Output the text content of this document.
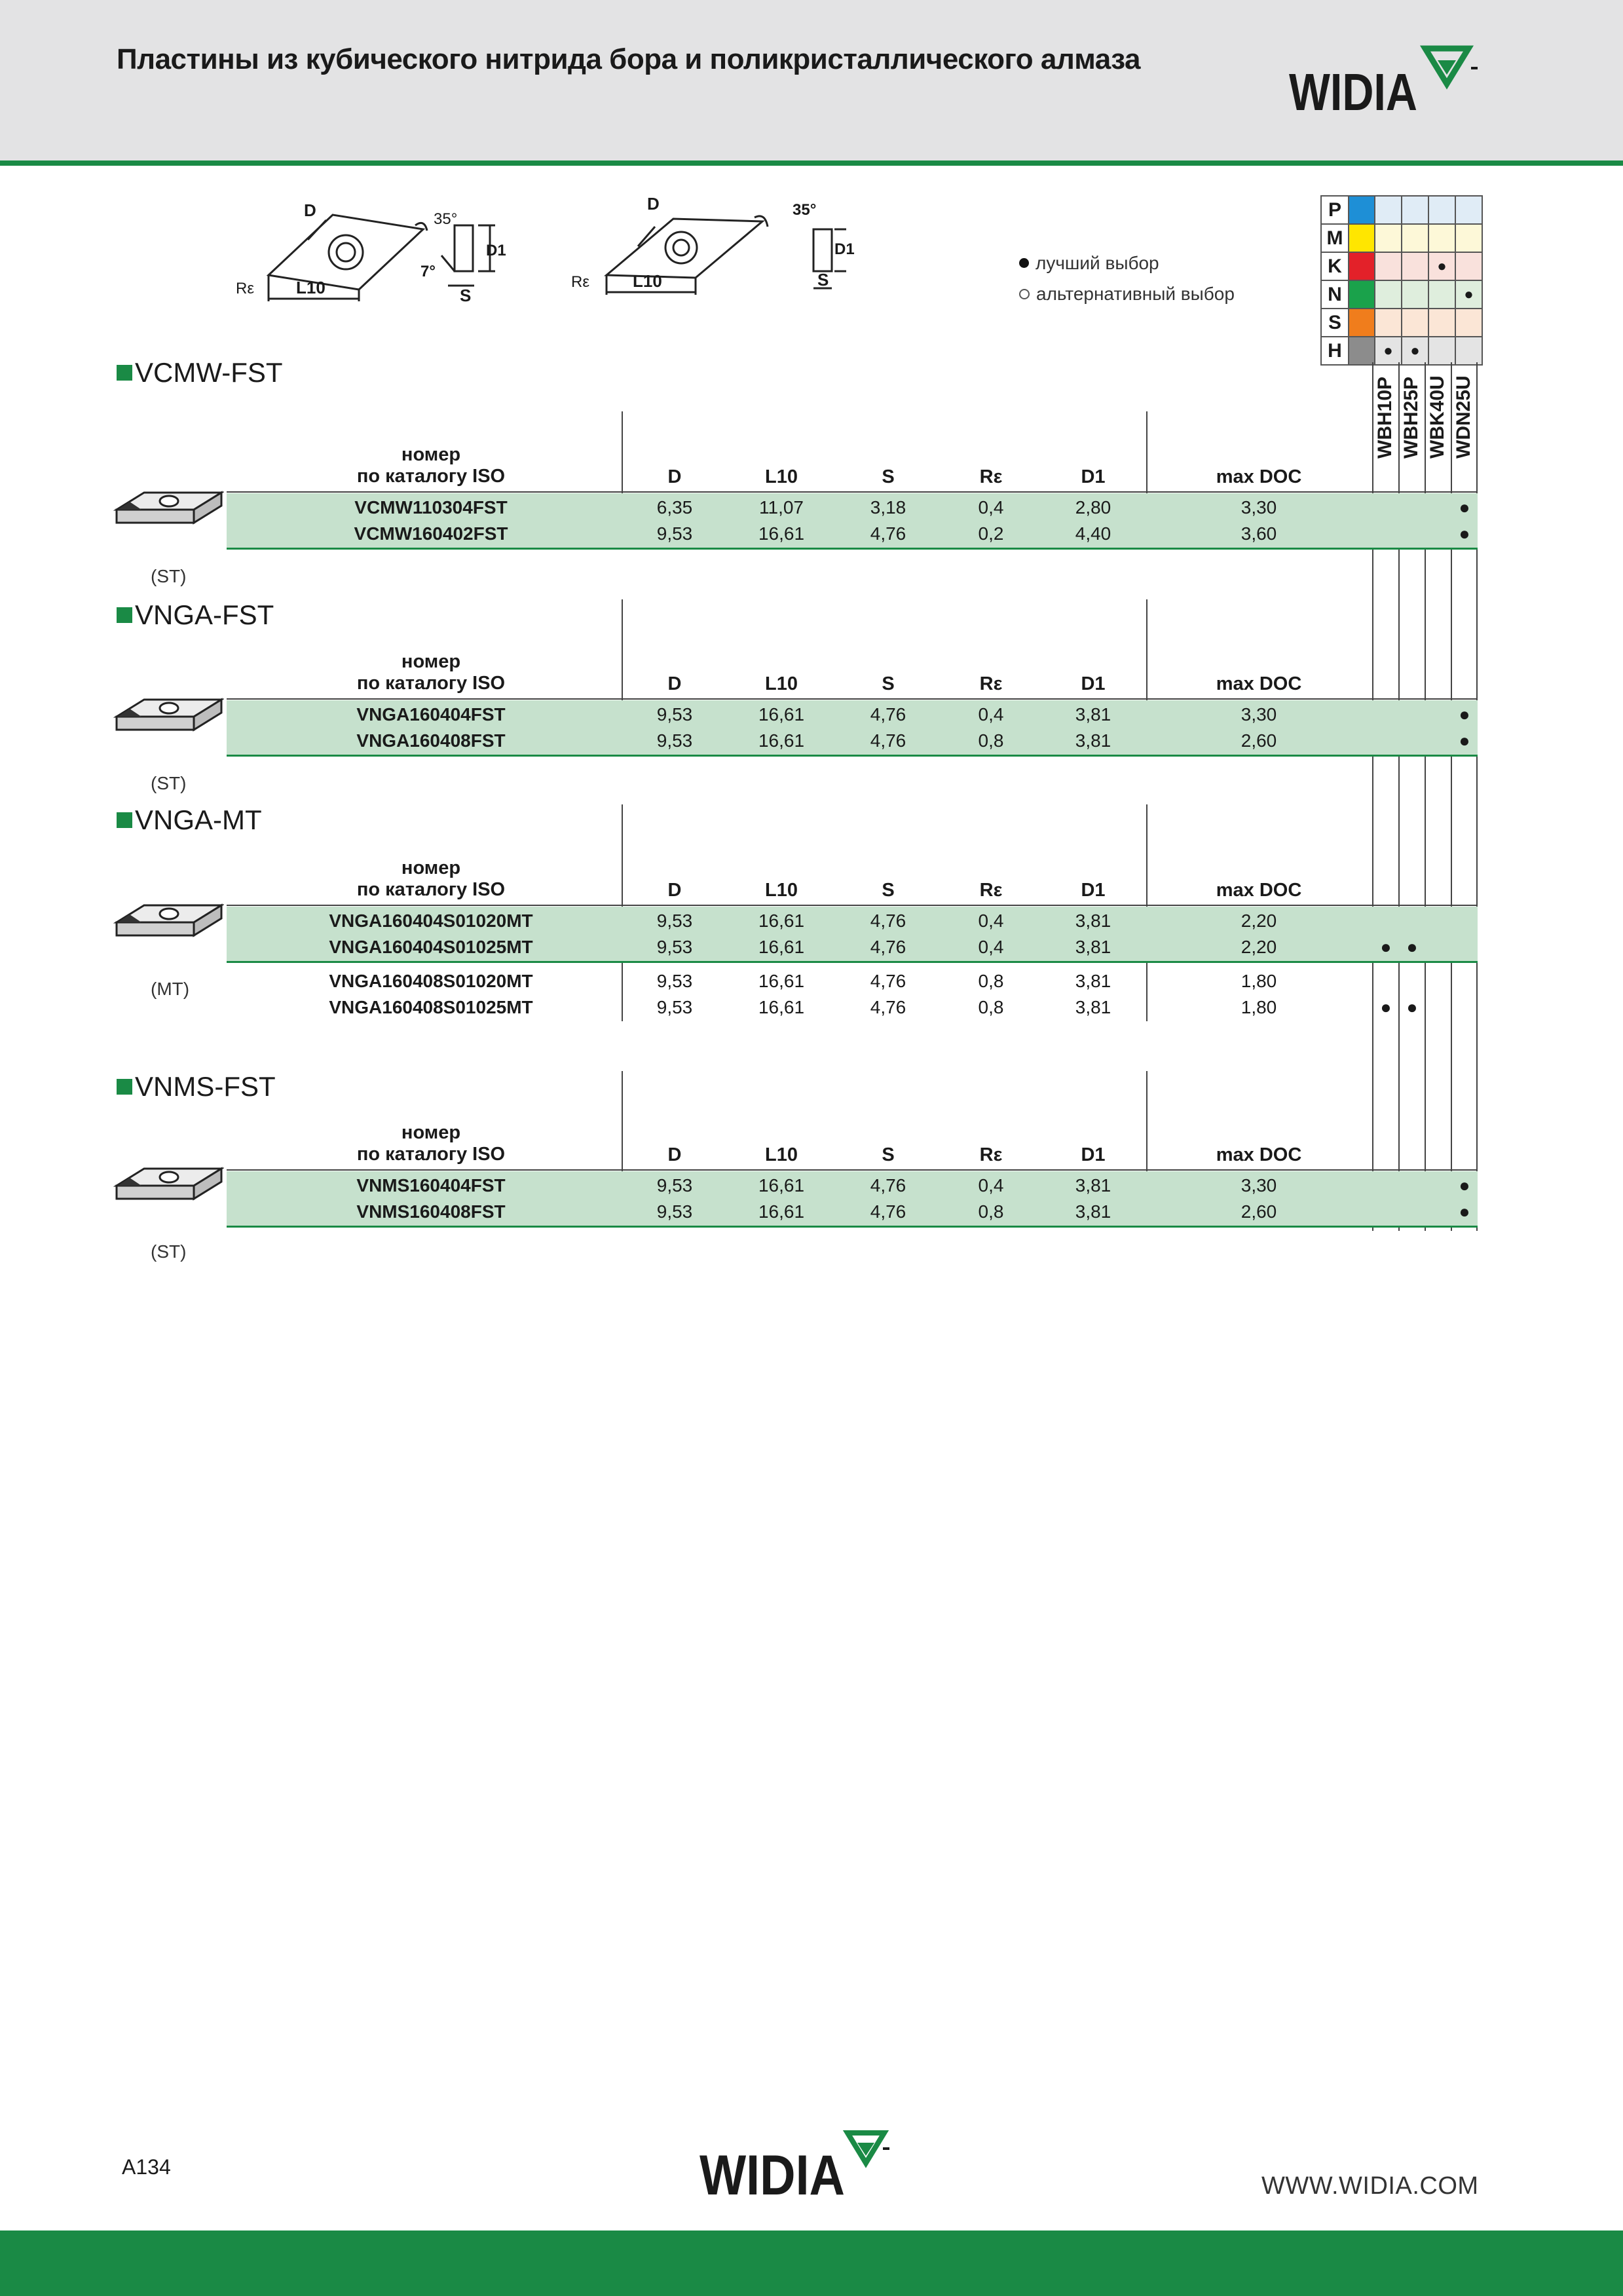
Пластины из кубического нитрида бора и поликристаллического алмаза
WIDIA
D	35°
D1
7°
Rε L10	S
D	35°
D1
Rε	L10	S
лучший выбор
альтернативный выбор
P					
M					
K				●	
N					●
S					
H		●	●		
WBH10P WBH25P WBK40U WDN25U
VCMW-FST
номер
по каталогу ISO	D	L10	S	Rε	D1	max DOC
VCMW110304FST	6,35	11,07	3,18	0,4	2,80	3,30	●
VCMW160402FST	9,53	16,61	4,76	0,2	4,40	3,60	●
(ST)
VNGA-FST
номер
по каталогу ISO	D	L10	S	Rε	D1	max DOC
VNGA160404FST	9,53	16,61	4,76	0,4	3,81	3,30	●
VNGA160408FST	9,53	16,61	4,76	0,8	3,81	2,60	●
(ST)
VNGA-MT
номер
по каталогу ISO	D	L10	S	Rε	D1	max DOC
VNGA160404S01020MT	9,53	16,61	4,76	0,4	3,81	2,20
VNGA160404S01025MT	9,53	16,61	4,76	0,4	3,81	2,20	● ●
VNGA160408S01020MT	9,53	16,61	4,76	0,8	3,81	1,80
VNGA160408S01025MT	9,53	16,61	4,76	0,8	3,81	1,80	● ●
(MT)
VNMS-FST
номер
по каталогу ISO	D	L10	S	Rε	D1	max DOC
VNMS160404FST	9,53	16,61	4,76	0,4	3,81	3,30	●
VNMS160408FST	9,53	16,61	4,76	0,8	3,81	2,60	●
(ST)
A134	WIDIA	WWW.WIDIA.COM
